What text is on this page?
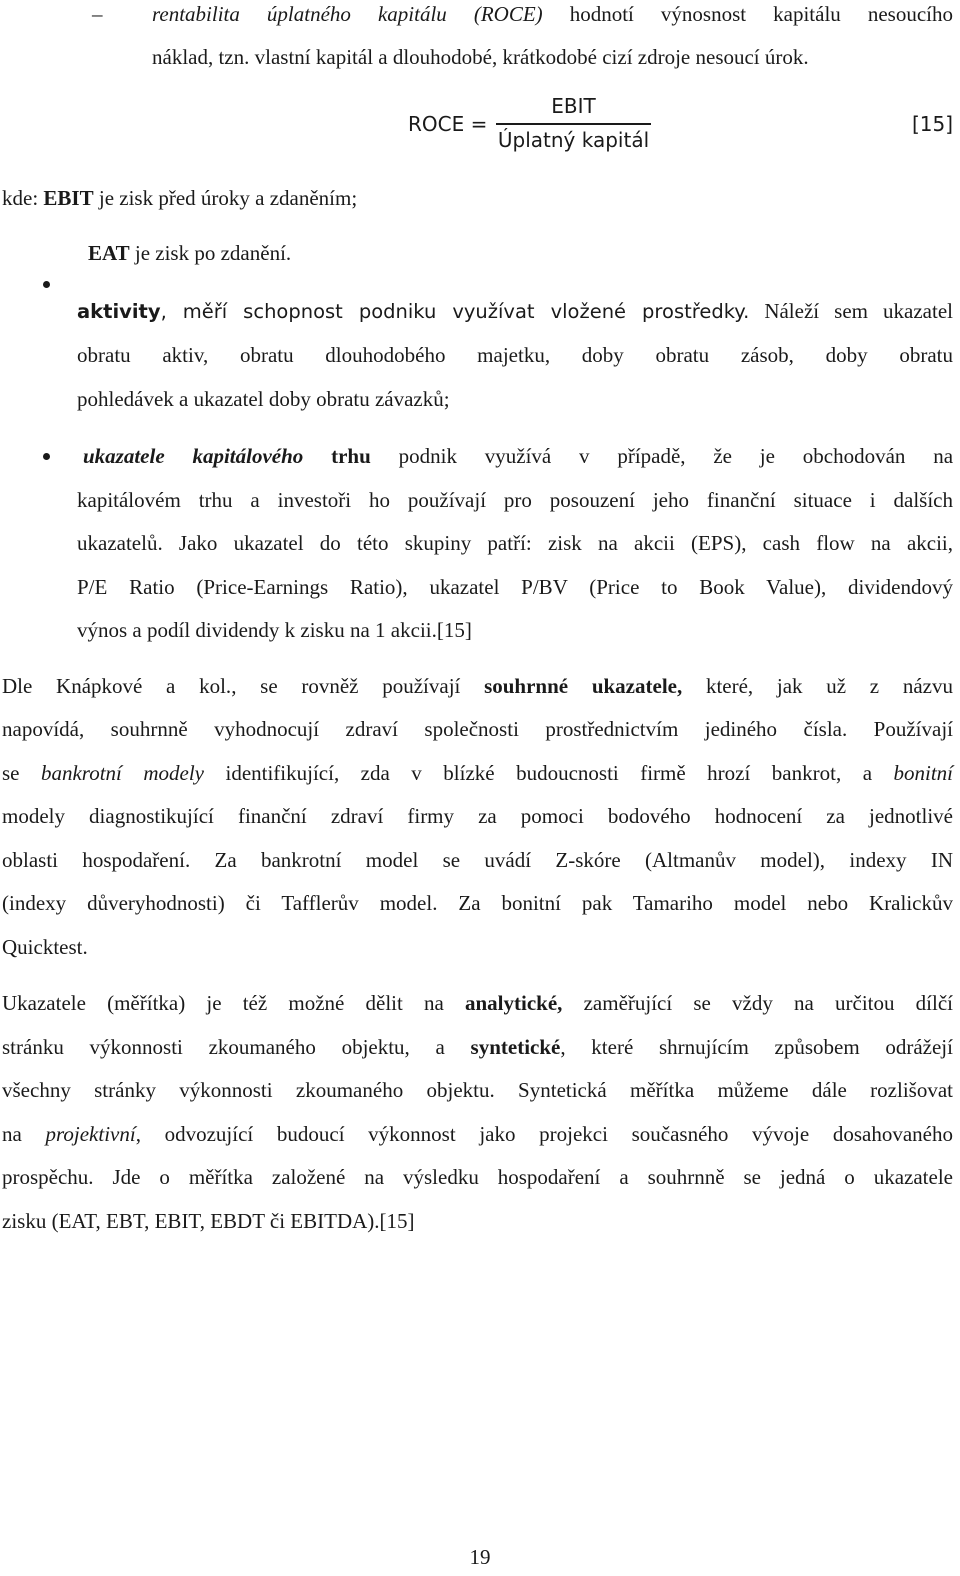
– rentabilita úplatného kapitálu (ROCE) hodnotí výnosnost kapitálu nesoucího
náklad, tzn. vlastní kapitál a dlouhodobé, krátkodobé cizí zdroje nesoucí úrok.
ROCE =
EBIT
Úplatný kapitál
[15]
kde: EBIT je zisk před úroky a zdaněním;
EAT je zisk po zdanění.
aktivity, měří schopnost podniku využívat vložené prostředky. Náleží sem ukazatel
obratu aktiv, obratu dlouhodobého majetku, doby obratu zásob, doby obratu
pohledávek a ukazatel doby obratu závazků;
ukazatele kapitálového trhu podnik využívá v případě, že je obchodován na
kapitálovém trhu a investoři ho používají pro posouzení jeho finanční situace i dalších
ukazatelů. Jako ukazatel do této skupiny patří: zisk na akcii (EPS), cash flow na akcii,
P/E Ratio (Price-Earnings Ratio), ukazatel P/BV (Price to Book Value), dividendový
výnos a podíl dividendy k zisku na 1 akcii.[15]
Dle Knápkové a kol., se rovněž používají souhrnné ukazatele, které, jak už z názvu
napovídá, souhrnně vyhodnocují zdraví společnosti prostřednictvím jediného čísla. Používají
se bankrotní modely identifikující, zda v blízké budoucnosti firmě hrozí bankrot, a bonitní
modely diagnostikující finanční zdraví firmy za pomoci bodového hodnocení za jednotlivé
oblasti hospodaření. Za bankrotní model se uvádí Z-skóre (Altmanův model), indexy IN
(indexy důveryhodnosti) či Tafflerův model. Za bonitní pak Tamariho model nebo Kralickův
Quicktest.
Ukazatele (měřítka) je též možné dělit na analytické, zaměřující se vždy na určitou dílčí
stránku výkonnosti zkoumaného objektu, a syntetické, které shrnujícím způsobem odrážejí
všechny stránky výkonnosti zkoumaného objektu. Syntetická měřítka můžeme dále rozlišovat
na projektivní, odvozující budoucí výkonnost jako projekci současného vývoje dosahovaného
prospěchu. Jde o měřítka založené na výsledku hospodaření a souhrnně se jedná o ukazatele
zisku (EAT, EBT, EBIT, EBDT či EBITDA).[15]
19
